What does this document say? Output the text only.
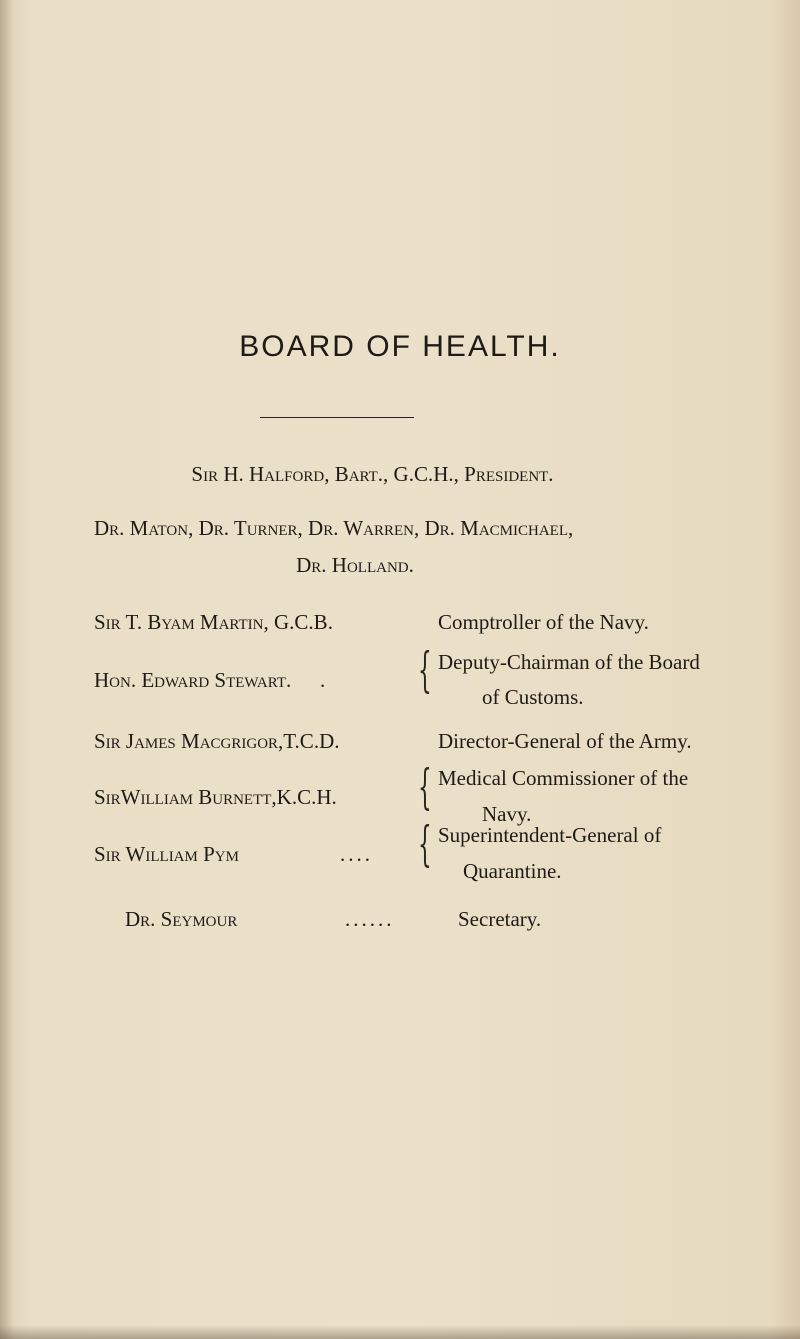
BOARD OF HEALTH.
Sir H. Halford, Bart., G.C.H., President.
Dr. Maton, Dr. Turner, Dr. Warren, Dr. Macmichael,
Dr. Holland.
Sir T. Byam Martin, G.C.B.	Comptroller of the Navy.
Hon. Edward Stewart. . { Deputy-Chairman of the Board
of Customs.
Sir James Macgrigor,T.C.D.	Director-General of the Army.
SirWilliam Burnett,K.C.H. { Medical Commissioner of the
Navy.
Sir William Pym	.... { Superintendent-General of
Quarantine.
Dr. Seymour	......	Secretary.
